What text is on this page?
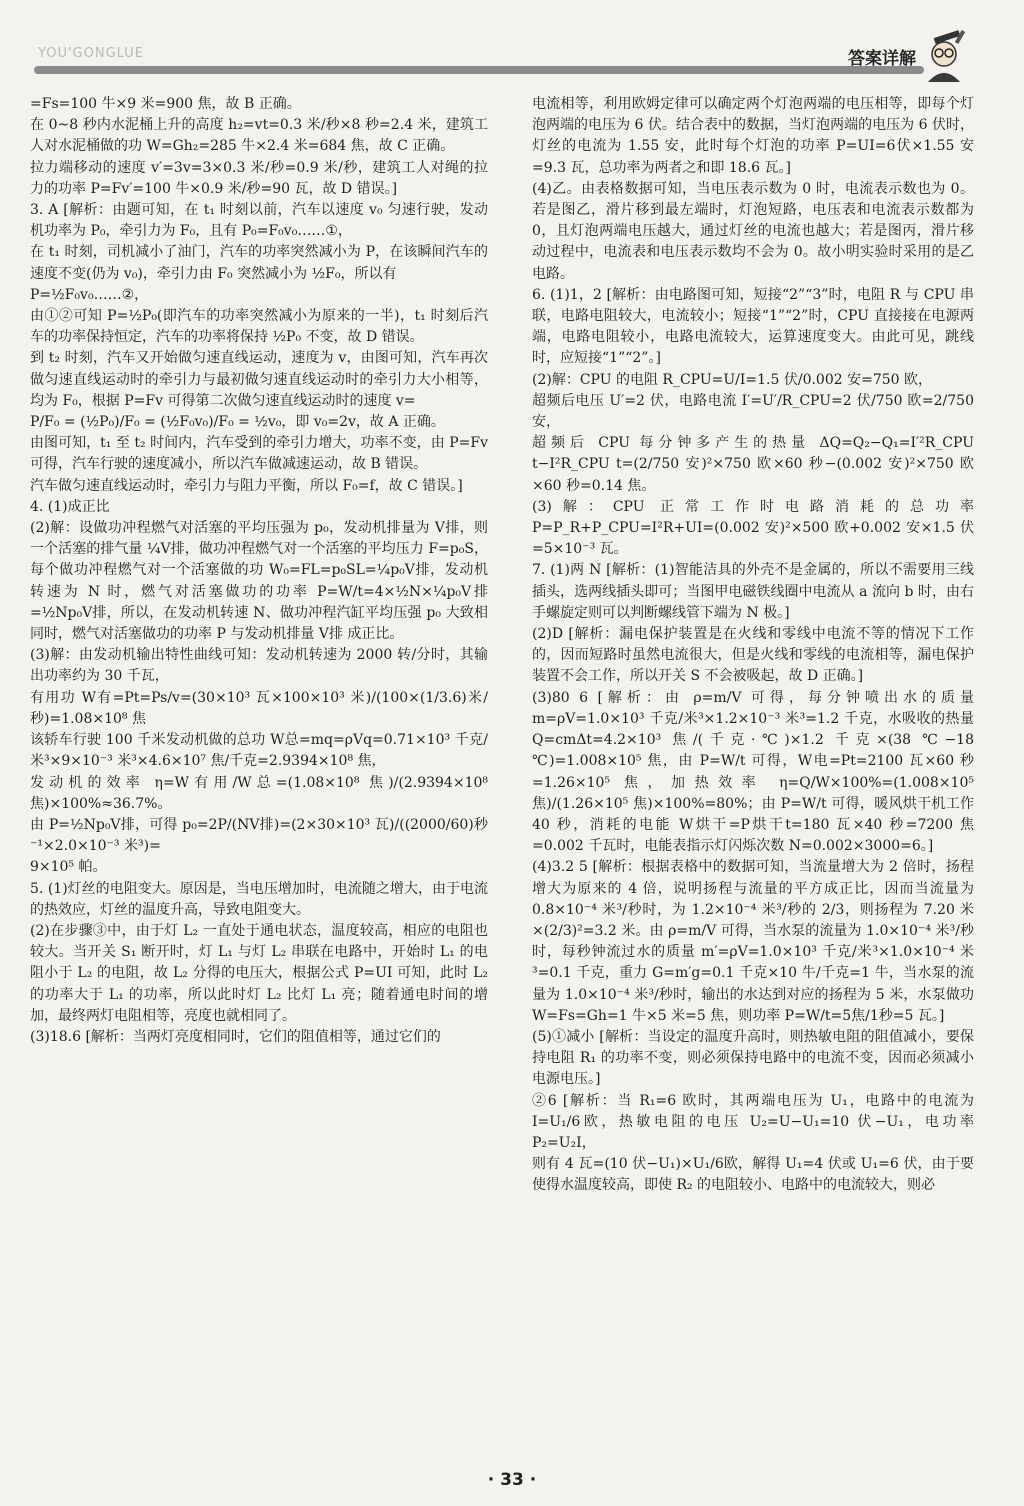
YOU'GONGLUE	答案详解

=Fs=100 牛×9 米=900 焦，故 B 正确。

在 0~8 秒内水泥桶上升的高度 h₂=vt=0.3 米/秒×8 秒=2.4 米，建筑工人对水泥桶做的功 W=Gh₂=285 牛×2.4 米=684 焦，故 C 正确。

拉力端移动的速度 v′=3v=3×0.3 米/秒=0.9 米/秒，建筑工人对绳的拉力的功率 P=Fv′=100 牛×0.9 米/秒=90 瓦，故 D 错误。]

3. A [解析：由题可知，在 t₁ 时刻以前，汽车以速度 v₀ 匀速行驶，发动机功率为 P₀，牵引力为 F₀，且有 P₀=F₀v₀……①，

在 t₁ 时刻，司机减小了油门，汽车的功率突然减小为 P，在该瞬间汽车的速度不变(仍为 v₀)，牵引力由 F₀ 突然减小为 ½F₀，所以有

P=½F₀v₀……②，

由①②可知 P=½P₀(即汽车的功率突然减小为原来的一半)，t₁ 时刻后汽车的功率保持恒定，汽车的功率将保持 ½P₀ 不变，故 D 错误。

到 t₂ 时刻，汽车又开始做匀速直线运动，速度为 v，由图可知，汽车再次做匀速直线运动时的牵引力与最初做匀速直线运动时的牵引力大小相等，均为 F₀，根据 P=Fv 可得第二次做匀速直线运动时的速度 v=

P/F₀ = (½P₀)/F₀ = (½F₀v₀)/F₀ = ½v₀，即 v₀=2v，故 A 正确。

由图可知，t₁ 至 t₂ 时间内，汽车受到的牵引力增大，功率不变，由 P=Fv 可得，汽车行驶的速度减小，所以汽车做减速运动，故 B 错误。

汽车做匀速直线运动时，牵引力与阻力平衡，所以 F₀=f，故 C 错误。]

4. (1)成正比

(2)解：设做功冲程燃气对活塞的平均压强为 p₀，发动机排量为 V排，则一个活塞的排气量 ¼V排，做功冲程燃气对一个活塞的平均压力 F=p₀S，每个做功冲程燃气对一个活塞做的功 W₀=FL=p₀SL=¼p₀V排，发动机转速为 N 时，燃气对活塞做功的功率 P=W/t=4×½N×¼p₀V排=½Np₀V排，所以，在发动机转速 N、做功冲程汽缸平均压强 p₀ 大致相同时，燃气对活塞做功的功率 P 与发动机排量 V排 成正比。

(3)解：由发动机输出特性曲线可知：发动机转速为 2000 转/分时，其输出功率约为 30 千瓦，

有用功 W有=Pt=Ps/v=(30×10³ 瓦×100×10³ 米)/(100×(1/3.6)米/秒)=1.08×10⁸ 焦

该轿车行驶 100 千米发动机做的总功 W总=mq=ρVq=0.71×10³ 千克/米³×9×10⁻³ 米³×4.6×10⁷ 焦/千克=2.9394×10⁸ 焦，

发动机的效率 η=W有用/W总=(1.08×10⁸ 焦)/(2.9394×10⁸ 焦)×100%≈36.7%。

由 P=½Np₀V排，可得 p₀=2P/(NV排)=(2×30×10³ 瓦)/((2000/60)秒⁻¹×2.0×10⁻³ 米³)=

9×10⁵ 帕。

5. (1)灯丝的电阻变大。原因是，当电压增加时，电流随之增大，由于电流的热效应，灯丝的温度升高，导致电阻变大。

(2)在步骤③中，由于灯 L₂ 一直处于通电状态，温度较高，相应的电阻也较大。当开关 S₁ 断开时，灯 L₁ 与灯 L₂ 串联在电路中，开始时 L₁ 的电阻小于 L₂ 的电阻，故 L₂ 分得的电压大，根据公式 P=UI 可知，此时 L₂ 的功率大于 L₁ 的功率，所以此时灯 L₂ 比灯 L₁ 亮；随着通电时间的增加，最终两灯电阻相等，亮度也就相同了。

(3)18.6 [解析：当两灯亮度相同时，它们的阻值相等，通过它们的

电流相等，利用欧姆定律可以确定两个灯泡两端的电压相等，即每个灯泡两端的电压为 6 伏。结合表中的数据，当灯泡两端的电压为 6 伏时，灯丝的电流为 1.55 安，此时每个灯泡的功率 P=UI=6伏×1.55 安=9.3 瓦，总功率为两者之和即 18.6 瓦。]

(4)乙。由表格数据可知，当电压表示数为 0 时，电流表示数也为 0。若是图乙，滑片移到最左端时，灯泡短路，电压表和电流表示数都为 0，且灯泡两端电压越大，通过灯丝的电流也越大；若是图丙，滑片移动过程中，电流表和电压表示数均不会为 0。故小明实验时采用的是乙电路。

6. (1)1，2 [解析：由电路图可知，短接“2”“3”时，电阻 R 与 CPU 串联，电路电阻较大，电流较小；短接“1”“2”时，CPU 直接接在电源两端，电路电阻较小，电路电流较大，运算速度变大。由此可见，跳线时，应短接“1”“2”。]

(2)解：CPU 的电阻 R_CPU=U/I=1.5 伏/0.002 安=750 欧，

超频后电压 U′=2 伏，电路电流 I′=U′/R_CPU=2 伏/750 欧=2/750 安，

超频后 CPU 每分钟多产生的热量 ΔQ=Q₂−Q₁=I′²R_CPU t−I²R_CPU t=(2/750 安)²×750 欧×60 秒−(0.002 安)²×750 欧×60 秒=0.14 焦。

(3)解：CPU 正常工作时电路消耗的总功率 P=P_R+P_CPU=I²R+UI=(0.002 安)²×500 欧+0.002 安×1.5 伏=5×10⁻³ 瓦。

7. (1)两 N [解析：(1)智能洁具的外壳不是金属的，所以不需要用三线插头，选两线插头即可；当图甲电磁铁线圈中电流从 a 流向 b 时，由右手螺旋定则可以判断螺线管下端为 N 极。]

(2)D [解析：漏电保护装置是在火线和零线中电流不等的情况下工作的，因而短路时虽然电流很大，但是火线和零线的电流相等，漏电保护装置不会工作，所以开关 S 不会被吸起，故 D 正确。]

(3)80 6 [解析：由 ρ=m/V 可得，每分钟喷出水的质量 m=ρV=1.0×10³ 千克/米³×1.2×10⁻³ 米³=1.2 千克，水吸收的热量 Q=cmΔt=4.2×10³ 焦/(千克·℃)×1.2 千克×(38 ℃−18 ℃)=1.008×10⁵ 焦，由 P=W/t 可得，W电=Pt=2100 瓦×60 秒=1.26×10⁵ 焦，加热效率 η=Q/W×100%=(1.008×10⁵ 焦)/(1.26×10⁵ 焦)×100%=80%；由 P=W/t 可得，暖风烘干机工作 40 秒，消耗的电能 W烘干=P烘干t=180 瓦×40 秒=7200 焦=0.002 千瓦时，电能表指示灯闪烁次数 N=0.002×3000=6。]

(4)3.2 5 [解析：根据表格中的数据可知，当流量增大为 2 倍时，扬程增大为原来的 4 倍，说明扬程与流量的平方成正比，因而当流量为 0.8×10⁻⁴ 米³/秒时，为 1.2×10⁻⁴ 米³/秒的 2/3，则扬程为 7.20 米×(2/3)²=3.2 米。由 ρ=m/V 可得，当水泵的流量为 1.0×10⁻⁴ 米³/秒时，每秒钟流过水的质量 m′=ρV=1.0×10³ 千克/米³×1.0×10⁻⁴ 米³=0.1 千克，重力 G=m′g=0.1 千克×10 牛/千克=1 牛，当水泵的流量为 1.0×10⁻⁴ 米³/秒时，输出的水达到对应的扬程为 5 米，水泵做功 W=Fs=Gh=1 牛×5 米=5 焦，则功率 P=W/t=5焦/1秒=5 瓦。]

(5)①减小 [解析：当设定的温度升高时，则热敏电阻的阻值减小，要保持电阻 R₁ 的功率不变，则必须保持电路中的电流不变，因而必须减小电源电压。]

②6 [解析：当 R₁=6 欧时，其两端电压为 U₁，电路中的电流为 I=U₁/6欧，热敏电阻的电压 U₂=U−U₁=10 伏−U₁，电功率 P₂=U₂I，

则有 4 瓦=(10 伏−U₁)×U₁/6欧，解得 U₁=4 伏或 U₁=6 伏，由于要使得水温度较高，即使 R₂ 的电阻较小、电路中的电流较大，则必

· 33 ·
